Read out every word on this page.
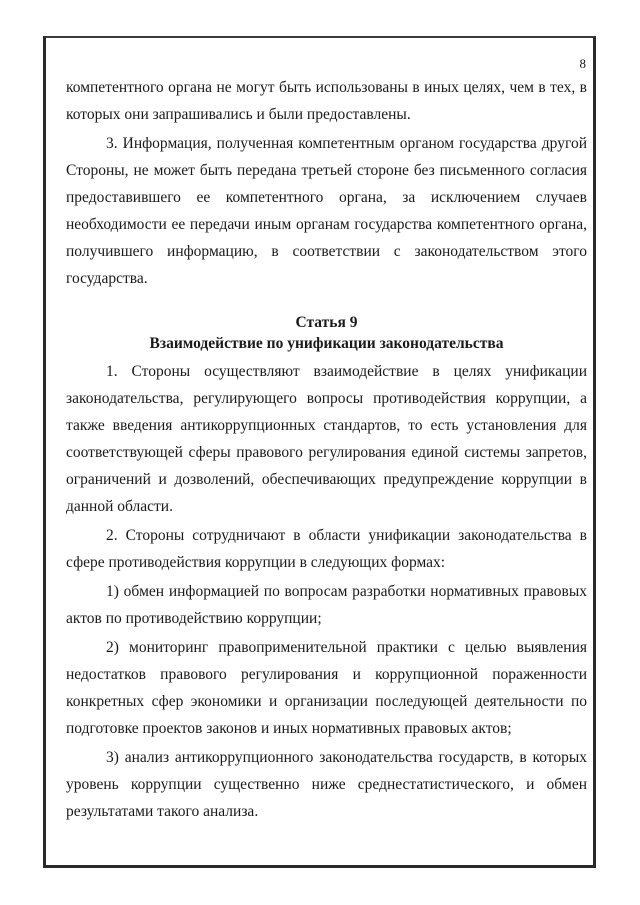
8

компетентного органа не могут быть использованы в иных целях, чем в тех, в которых они запрашивались и были предоставлены.

3. Информация, полученная компетентным органом государства другой Стороны, не может быть передана третьей стороне без письменного согласия предоставившего ее компетентного органа, за исключением случаев необходимости ее передачи иным органам государства компетентного органа, получившего информацию, в соответствии с законодательством этого государства.

Статья 9

Взаимодействие по унификации законодательства

1. Стороны осуществляют взаимодействие в целях унификации законодательства, регулирующего вопросы противодействия коррупции, а также введения антикоррупционных стандартов, то есть установления для соответствующей сферы правового регулирования единой системы запретов, ограничений и дозволений, обеспечивающих предупреждение коррупции в данной области.

2. Стороны сотрудничают в области унификации законодательства в сфере противодействия коррупции в следующих формах:

1) обмен информацией по вопросам разработки нормативных правовых актов по противодействию коррупции;

2) мониторинг правоприменительной практики с целью выявления недостатков правового регулирования и коррупционной пораженности конкретных сфер экономики и организации последующей деятельности по подготовке проектов законов и иных нормативных правовых актов;

3) анализ антикоррупционного законодательства государств, в которых уровень коррупции существенно ниже среднестатистического, и обмен результатами такого анализа.
